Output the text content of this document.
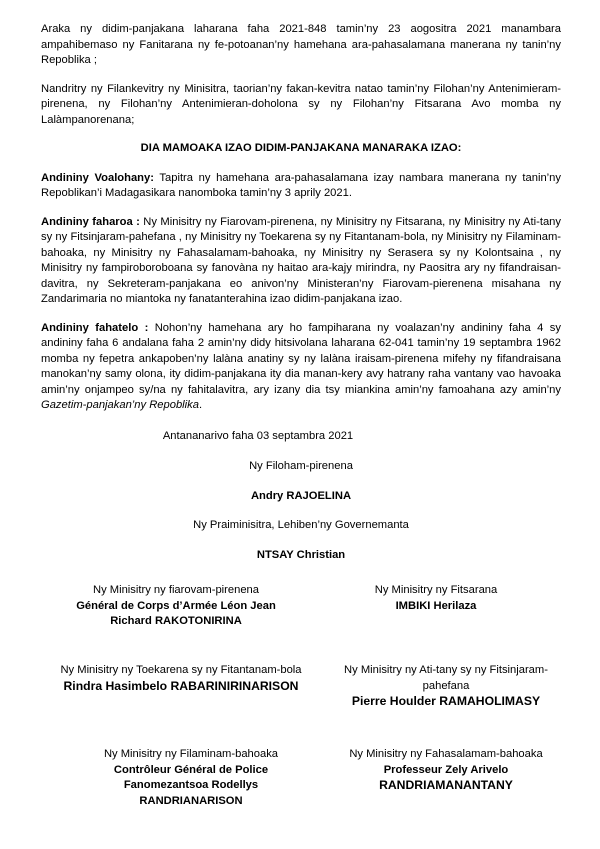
Araka ny didim-panjakana laharana faha 2021-848 tamin’ny 23 aogositra 2021 manambara ampahibemaso ny Fanitarana ny fe-potoanan’ny hamehana ara-pahasalamana manerana ny tanin’ny Repoblika ;

Nandritry ny Filankevitry ny Minisitra, taorian’ny fakan-kevitra natao tamin’ny Filohan’ny Antenimieram-pirenena, ny Filohan’ny Antenimieran-doholona sy ny Filohan’ny Fitsarana Avo momba ny Lalàmpanorenana;

DIA MAMOAKA IZAO DIDIM-PANJAKANA MANARAKA IZAO:

Andininy Voalohany: Tapitra ny hamehana ara-pahasalamana izay nambara manerana ny tanin’ny Repoblikan’i Madagasikara nanomboka tamin’ny 3 aprily 2021.

Andininy faharoa : Ny Minisitry ny Fiarovam-pirenena, ny Minisitry ny Fitsarana, ny Minisitry ny Ati-tany sy ny Fitsinjaram-pahefana , ny Minisitry ny Toekarena sy ny Fitantanam-bola, ny Minisitry ny Filaminam-bahoaka, ny Minisitry ny Fahasalamam-bahoaka, ny Minisitry ny Serasera sy ny Kolontsaina , ny Minisitry ny fampiroboroboana sy fanovàna ny haitao ara-kajy mirindra, ny Paositra ary ny fifandraisan-davitra, ny Sekreteram-panjakana eo anivon’ny Ministeran’ny Fiarovam-pierenena misahana ny Zandarimaria no miantoka ny fanatanterahina izao didim-panjakana izao.

Andininy fahatelo : Nohon’ny hamehana ary ho fampiharana ny voalazan’ny andininy faha 4 sy andininy faha 6 andalana faha 2 amin’ny didy hitsivolana laharana 62-041 tamin’ny 19 septambra 1962 momba ny fepetra ankapoben’ny lalàna anatiny sy ny lalàna iraisam-pirenena mifehy ny fifandraisana manokan’ny samy olona, ity didim-panjakana ity dia manan-kery avy hatrany raha vantany vao havoaka amin’ny onjampeo sy/na ny fahitalavitra, ary izany dia tsy miankina amin’ny famoahana azy amin’ny Gazetim-panjakan’ny Repoblika.

Antananarivo faha 03 septambra 2021
Ny Filoham-pirenena
Andry RAJOELINA
Ny Praiminisitra, Lehiben’ny Governemanta
NTSAY Christian
Ny Minisitry ny fiarovam-pirenena
Général de Corps d’Armée Léon Jean
Richard RAKOTONIRINA
Ny Minisitry ny Fitsarana
IMBIKI Herilaza
Ny Minisitry ny Toekarena sy ny Fitantanam-bola
Rindra Hasimbelo RABARINIRINARISON
Ny Minisitry ny Ati-tany sy ny Fitsinjaram-
pahefana
Pierre Houlder RAMAHOLIMASY
Ny Minisitry ny Filaminam-bahoaka
Contrôleur Général de Police
Fanomezantsoa Rodellys
RANDRIANARISON
Ny Minisitry ny Fahasalamam-bahoaka
Professeur Zely Arivelo
RANDRIAMANANTANY
